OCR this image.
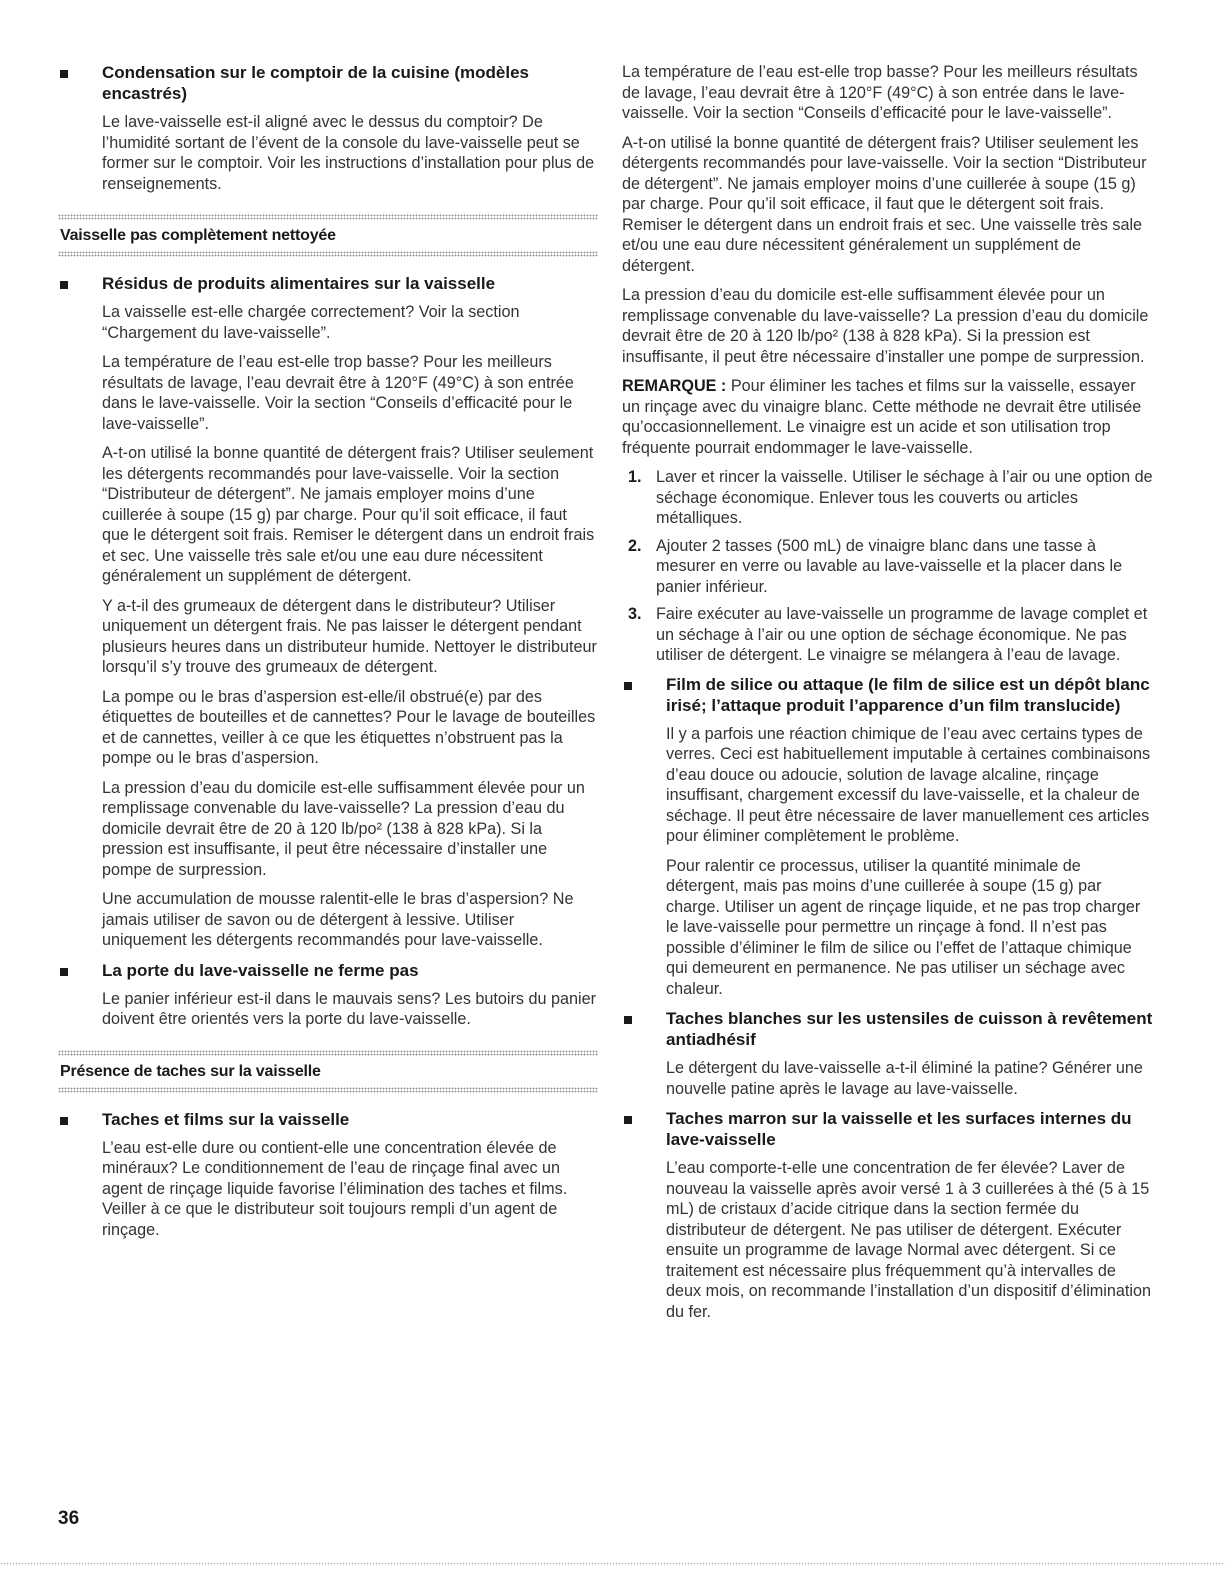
Condensation sur le comptoir de la cuisine (modèles encastrés)

Le lave-vaisselle est-il aligné avec le dessus du comptoir? De l’humidité sortant de l’évent de la console du lave-vaisselle peut se former sur le comptoir. Voir les instructions d’installation pour plus de renseignements.

Vaisselle pas complètement nettoyée
Résidus de produits alimentaires sur la vaisselle

La vaisselle est-elle chargée correctement? Voir la section “Chargement du lave-vaisselle”.

La température de l’eau est-elle trop basse? Pour les meilleurs résultats de lavage, l’eau devrait être à 120°F (49°C) à son entrée dans le lave-vaisselle. Voir la section “Conseils d’efficacité pour le lave-vaisselle”.

A-t-on utilisé la bonne quantité de détergent frais? Utiliser seulement les détergents recommandés pour lave-vaisselle. Voir la section “Distributeur de détergent”. Ne jamais employer moins d’une cuillerée à soupe (15 g) par charge. Pour qu’il soit efficace, il faut que le détergent soit frais. Remiser le détergent dans un endroit frais et sec. Une vaisselle très sale et/ou une eau dure nécessitent généralement un supplément de détergent.

Y a-t-il des grumeaux de détergent dans le distributeur? Utiliser uniquement un détergent frais. Ne pas laisser le détergent pendant plusieurs heures dans un distributeur humide. Nettoyer le distributeur lorsqu’il s’y trouve des grumeaux de détergent.

La pompe ou le bras d’aspersion est-elle/il obstrué(e) par des étiquettes de bouteilles et de cannettes? Pour le lavage de bouteilles et de cannettes, veiller à ce que les étiquettes n’obstruent pas la pompe ou le bras d’aspersion.

La pression d’eau du domicile est-elle suffisamment élevée pour un remplissage convenable du lave-vaisselle? La pression d’eau du domicile devrait être de 20 à 120 lb/po² (138 à 828 kPa). Si la pression est insuffisante, il peut être nécessaire d’installer une pompe de surpression.

Une accumulation de mousse ralentit-elle le bras d’aspersion? Ne jamais utiliser de savon ou de détergent à lessive. Utiliser uniquement les détergents recommandés pour lave-vaisselle.

La porte du lave-vaisselle ne ferme pas

Le panier inférieur est-il dans le mauvais sens? Les butoirs du panier doivent être orientés vers la porte du lave-vaisselle.

Présence de taches sur la vaisselle
Taches et films sur la vaisselle

L’eau est-elle dure ou contient-elle une concentration élevée de minéraux? Le conditionnement de l’eau de rinçage final avec un agent de rinçage liquide favorise l’élimination des taches et films. Veiller à ce que le distributeur soit toujours rempli d’un agent de rinçage.

La température de l’eau est-elle trop basse? Pour les meilleurs résultats de lavage, l’eau devrait être à 120°F (49°C) à son entrée dans le lave-vaisselle. Voir la section “Conseils d’efficacité pour le lave-vaisselle”.

A-t-on utilisé la bonne quantité de détergent frais? Utiliser seulement les détergents recommandés pour lave-vaisselle. Voir la section “Distributeur de détergent”. Ne jamais employer moins d’une cuillerée à soupe (15 g) par charge. Pour qu’il soit efficace, il faut que le détergent soit frais. Remiser le détergent dans un endroit frais et sec. Une vaisselle très sale et/ou une eau dure nécessitent généralement un supplément de détergent.

La pression d’eau du domicile est-elle suffisamment élevée pour un remplissage convenable du lave-vaisselle? La pression d’eau du domicile devrait être de 20 à 120 lb/po² (138 à 828 kPa). Si la pression est insuffisante, il peut être nécessaire d’installer une pompe de surpression.

REMARQUE : Pour éliminer les taches et films sur la vaisselle, essayer un rinçage avec du vinaigre blanc. Cette méthode ne devrait être utilisée qu’occasionnellement. Le vinaigre est un acide et son utilisation trop fréquente pourrait endommager le lave-vaisselle.

1. Laver et rincer la vaisselle. Utiliser le séchage à l’air ou une option de séchage économique. Enlever tous les couverts ou articles métalliques.
2. Ajouter 2 tasses (500 mL) de vinaigre blanc dans une tasse à mesurer en verre ou lavable au lave-vaisselle et la placer dans le panier inférieur.
3. Faire exécuter au lave-vaisselle un programme de lavage complet et un séchage à l’air ou une option de séchage économique. Ne pas utiliser de détergent. Le vinaigre se mélangera à l’eau de lavage.
Film de silice ou attaque (le film de silice est un dépôt blanc irisé; l’attaque produit l’apparence d’un film translucide)

Il y a parfois une réaction chimique de l’eau avec certains types de verres. Ceci est habituellement imputable à certaines combinaisons d’eau douce ou adoucie, solution de lavage alcaline, rinçage insuffisant, chargement excessif du lave-vaisselle, et la chaleur de séchage. Il peut être nécessaire de laver manuellement ces articles pour éliminer complètement le problème.

Pour ralentir ce processus, utiliser la quantité minimale de détergent, mais pas moins d’une cuillerée à soupe (15 g) par charge. Utiliser un agent de rinçage liquide, et ne pas trop charger le lave-vaisselle pour permettre un rinçage à fond. Il n’est pas possible d’éliminer le film de silice ou l’effet de l’attaque chimique qui demeurent en permanence. Ne pas utiliser un séchage avec chaleur.

Taches blanches sur les ustensiles de cuisson à revêtement antiadhésif

Le détergent du lave-vaisselle a-t-il éliminé la patine? Générer une nouvelle patine après le lavage au lave-vaisselle.

Taches marron sur la vaisselle et les surfaces internes du lave-vaisselle

L’eau comporte-t-elle une concentration de fer élevée? Laver de nouveau la vaisselle après avoir versé 1 à 3 cuillerées à thé (5 à 15 mL) de cristaux d’acide citrique dans la section fermée du distributeur de détergent. Ne pas utiliser de détergent. Exécuter ensuite un programme de lavage Normal avec détergent. Si ce traitement est nécessaire plus fréquemment qu’à intervalles de deux mois, on recommande l’installation d’un dispositif d’élimination du fer.

36
